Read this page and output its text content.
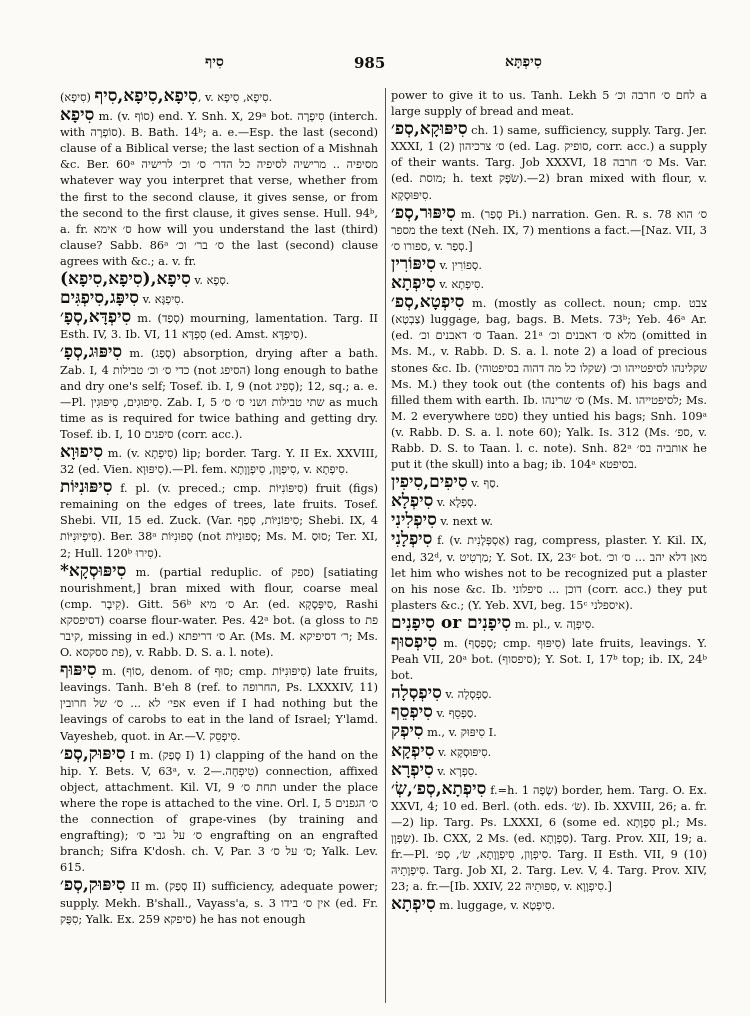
סִיף	985	סִיפְתָּא

סִיפָא,סִיפָא,סִיף (סִיפָא), v. סִיפָא, סִיפָא.

סִיפָא m. (v. סוֹף) end. Y. Snh. X, 29ᵃ bot. סִיפְרָה (interch. with סוֹפְרָה). B. Bath. 14ᵇ; a. e.—Esp. the last (second) clause of a Biblical verse; the last section of a Mishnah &c. Ber. 60ᵃ מסיפיה .. מרישיה לסיפיה כל הדר׳ ס׳ וכ׳ לרישיה whatever way you interpret that verse, whether from the first to the second clause, it gives sense, or from the second to the first clause, it gives sense. Hull. 94ᵇ, a. fr. ס׳ אימא how will you understand the last (third) clause? Sabb. 86ᵃ ס׳ בר׳ וכ׳ the last (second) clause agrees with &c.; a. v. fr.

סִיפָא,(סִיפָא,סִיפָא) v. סְפָא.

סִיפָּג,סִיפְגִּים v. סִיפְגָּא.

סִיפְדָּא,סְפָ׳ m. (סְפַד) mourning, lamentation. Targ. II Esth. IV, 3. Ib. VI, 11 סִפְדָּא (ed. Amst. סִיפְדָּא).

סִיפּוּג,סְפָ׳ m. (סָפַג) absorption, drying after a bath. Zab. I, 4 כדי ס׳ וכ׳ טבילות (not הסיפג) long enough to bathe and dry one's self; Tosef. ib. I, 9 (not סְפִיג); 12, sq.; a. e.—Pl. סִיפוּגִים, סִיפּוּגִין. Zab. I, 5 שתי טבילות ושני ס׳ ס׳ as much time as is required for twice bathing and getting dry. Tosef. ib. I, 10 סיפגים (corr. acc.).

סִיפוּוָא m. (v. סִיפְתָא) lip; border. Targ. Y. II Ex. XXVIII, 32 (ed. Vien. סִיפּוּוָא).—Pl. fem. סִיפְוָון, סִיפְוָוָתָא, v. סִיפְתָא.

סִיפּוּנִיּוֹת f. pl. (v. preced.; cmp. סִיפּוֹנִיּוֹת) fruit (figs) remaining on the edges of trees, late fruits. Tosef. Shebi. VII, 15 ed. Zuck. (Var. סִיפוֹנִיּוֹת, סְפַף; Shebi. IX, 4 סִיפְיוּנִיּוֹת). Ber. 38ᵃ סְפוּנִיּוֹת (not סְפוּנִיּוֹת; Ms. M. סוּסַ; Ter. XI, 2; Hull. 120ᵇ סִירוּ).

*סִיפּוּסְקָא m. (partial reduplic. of ספק) [satiating nourishment,] bran mixed with flour, coarse meal (cmp. קִיבָר). Gitt. 56ᵇ ס׳ מיא Ar. (ed. סִיפְּסָקָא, Rashi דסיפסקא) coarse flour-water. Pes. 42ᵃ bot. (a gloss to פת קיבר, missing in ed.) ס׳ דריפתא Ar. (Ms. M. ר׳ דסיפיקא; Ms. O. פת ססקסא), v. Rabb. D. S. a. l. note).

סִיפּוּף m. (סוֹף, denom. of סוּף; cmp. סִיפּוּנִיּוֹת) late fruits, leavings. Tanh. B'eh 8 (ref. to החרופה, Ps. LXXXIV, 11) אפי׳ לא ... ס׳ של חרובין even if I had nothing but the leavings of carobs to eat in the land of Israel; Y'lamd. Vayesheb, quot. in Ar.—V. סִיפְסֵק.

סִיפּוּק,סְפ׳ I m. (סָפַק I) 1) clapping of the hand on the hip. Y. Bets. V, 63ᵃ, v. טִיפְחָה.—2) connection, affixed object, attachment. Kil. VI, 9 תחת ס׳ under the place where the rope is attached to the vine. Orl. I, 5 ס׳ הגפנים the connection of grape-vines (by training and engrafting); ס׳ על גבי ס׳ engrafting on an engrafted branch; Sifra K'dosh. ch. V, Par. 3 ס׳ על ס׳; Yalk. Lev. 615.

סִיפּוּק,סְפ׳ II m. (סְפַק II) sufficiency, adequate power; supply. Mekh. B'shall., Vayass'a, s. 3 אין ס׳ בידו (ed. Fr. סִפֻּק; Yalk. Ex. 259 סיפקא) he has not enough

power to give it to us. Tanh. Lekh 5 לחם ס׳ חרבה וכ׳ a large supply of bread and meat.

סִיפּוּקָא,סְפ׳ ch. 1) same, sufficiency, supply. Targ. Jer. XXXI, 1 (2) ס׳ צרכיהון (ed. Lag. סופיק, corr. acc.) a supply of their wants. Targ. Job XXXVI, 18 ס׳ חרבה Ms. Var. (ed. מוסת; h. text שֹׂפֶק).—2) bran mixed with flour, v. סִיפּוּסְקָא.

סִיפּוּר,סְפ׳ m. (סְפַר Pi.) narration. Gen. R. s. 78 ס׳ הוא מספר the text (Neh. IX, 7) mentions a fact.—[Naz. VII, 3 ספורו ס׳, v. סְפַר.]

סִיפּוֹרִין v. סְפוֹרִין.

סִיפְתָא v. סִיפְתָא.

סִיפְטָא,סְפ׳ m. (mostly as collect. noun; cmp. צבט (צַבְטָא) luggage, bag, bags. B. Mets. 73ᵇ; Yeb. 46ᵃ Ar. (ed. ס׳ דאבנים וכ׳ Taan. 21ᵃ מלא ס׳ דאבנים וכ׳ (omitted in Ms. M., v. Rabb. D. S. a. l. note 2) a load of precious stones &c. Ib. (שקלו כל מה דהוה בסיפטוהי) שקלינהו לסיפטייהו וכ׳ Ms. M.) they took out (the contents of) his bags and filled them with earth. Ib. ס׳ שרינהו (Ms. M. לסיפטייהו; Ms. M. 2 everywhere ספט) they untied his bags; Snh. 109ᵃ (v. Rabb. D. S. a. l. note 60); Yalk. Is. 312 (Ms. ספ׳, v. Rabb. D. S. to Taan. l. c. note). Snh. 82ᵃ אותביה בס׳ he put it (the skull) into a bag; ib. 104ᵃ בסיפטא.

סִיפִים,סִיפִין v. סַף.

סִיפְלָא v. סְפְלָא.

סִיפְלִינִי v. next w.

סִיפְלָנִי f. (v. אַסְפְּלָנִית) rag, compress, plaster. Y. Kil. IX, end, 32ᵈ, v. מַרְטִיט; Y. Sot. IX, 23ᶜ bot. מאן דלא יהב ... ס׳ וכ׳ let him who wishes not to be recognized put a plaster on his nose &c. Ib. דוכן ... סיפלוני (corr. acc.) they put plasters &c.; (Y. Yeb. XVI, beg. 15ᶜ איספלני).

סִיפָנִים or סִיפָנִים m. pl., v. סִיפְוָה.

סִיפְסוּף m. (סְפַסַף; cmp. סִיפּוּף) late fruits, leavings. Y. Peah VII, 20ᵃ bot. (סיפסוף); Y. Sot. I, 17ᵇ top; ib. IX, 24ᵇ bot.

סִיפְסְלָה v. סַפְסְלָה.

סִיפְסֵף v. סַפְסֵף.

סִיפְק m., v. סִיפּוּק I.

סִיפְקָא v. סִיפּוּסְקָא.

סִיפְרָא v. סִפְרָא.

סִיפְתָא,סְפ׳,שְׂ׳ f.=h. שָׂפָה 1) border, hem. Targ. O. Ex. XXVI, 4; 10 ed. Berl. (oth. eds. שׂ׳). Ib. XXVIII, 26; a. fr.—2) lip. Targ. Ps. LXXXI, 6 (some ed. סִפְוָתָא pl.; Ms. שִׂפְוָן). Ib. CXX, 2 Ms. (ed. סִפְוָתָא). Targ. Prov. XII, 19; a. fr.—Pl. סִיפְוָון, סִיפְוָוָתָא, שׂ׳, סְפ׳. Targ. II Esth. VII, 9 (10) סִיפְוָתֵיהּ. Targ. Job XI, 2. Targ. Lev. V, 4. Targ. Prov. XIV, 23; a. fr.—[Ib. XXIV, 22 סִפּוּתֵיהּ, v. סִיפְוָוָא.]

סִיפְתָא m. luggage, v. סִיפְטָא.
